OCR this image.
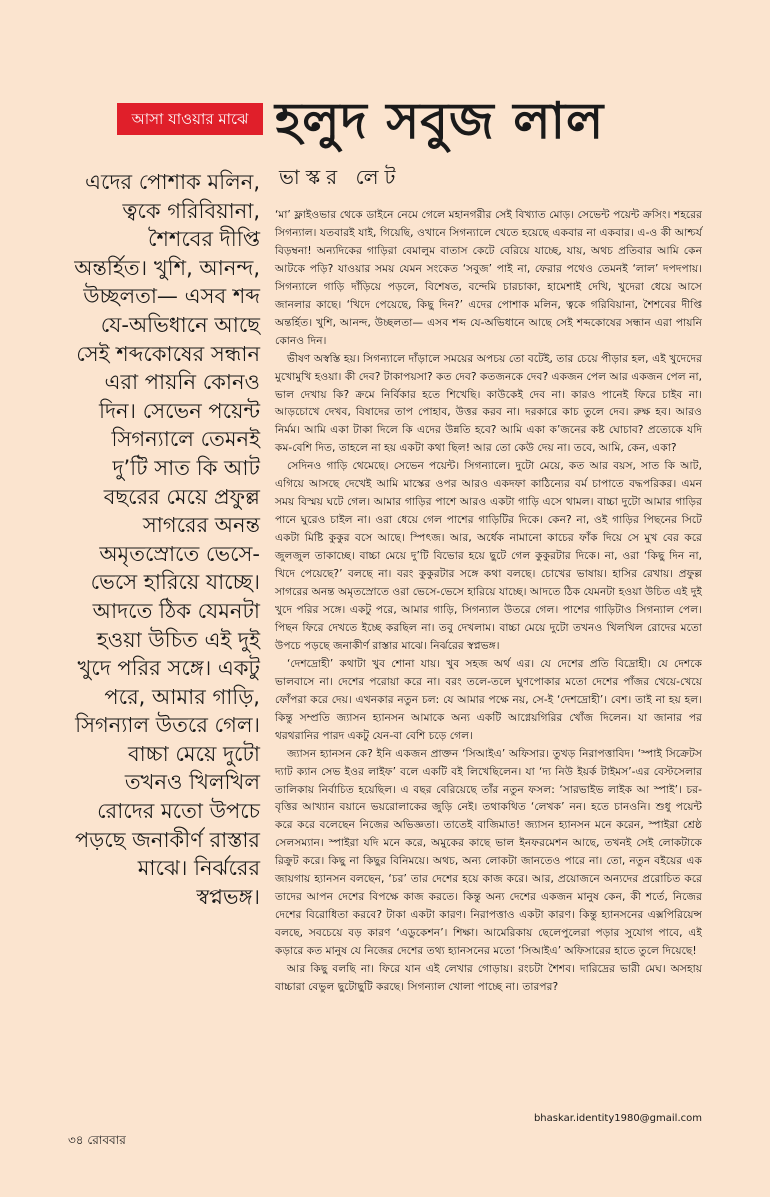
আসা যাওয়ার মাঝে হলুদ সবুজ লাল
ভাস্কর লেট
এদের পোশাক মলিন, ত্বকে গরিবিয়ানা, শৈশবের দীপ্তি অন্তর্হিত। খুশি, আনন্দ, উচ্ছলতা— এসব শব্দ যে-অভিধানে আছে সেই শব্দকোষের সন্ধান এরা পায়নি কোনও দিন। সেভেন পয়েন্ট সিগন্যালে তেমনই দু’টি সাত কি আট বছরের মেয়ে প্রফুল্ল সাগরের অনন্ত অমৃতস্রোতে ভেসে-ভেসে হারিয়ে যাচ্ছে। আদতে ঠিক যেমনটা হওয়া উচিত এই দুই খুদে পরির সঙ্গে। একটু পরে, আমার গাড়ি, সিগন্যাল উতরে গেল। বাচ্চা মেয়ে দুটো তখনও খিলখিল রোদের মতো উপচে পড়ছে জনাকীর্ণ রাস্তার মাঝে। নির্ঝরের স্বপ্নভঙ্গ।

‘মা’ ফ্লাইওভার থেকে ডাইনে নেমে গেলে মহানগরীর সেই বিখ্যাত মোড়। সেভেন্ট পয়েন্ট ক্রসিং। শহরের সিগন্যাল। যতবারই যাই, গিয়েছি, ওখানে সিগন্যালে খেতে হয়েছে একবার না একবার। এ-ও কী আশ্চর্য বিড়ম্বনা! অন্যদিকের গাড়িরা বেমালুম বাতাস কেটে বেরিয়ে যাচ্ছে, যায়, অথচ প্রতিবার আমি কেন আটকে পড়ি? যাওয়ার সময় যেমন সংকেত ‘সবুজ’ পাই না, ফেরার পথেও তেমনই ‘লাল’ দপদপায়। সিগন্যালে গাড়ি দাঁড়িয়ে পড়লে, বিশেষত, বন্দেমি চারচাকা, হামেশাই দেখি, খুদেরা ধেয়ে আসে জানলার কাছে। ‘খিদে পেয়েছে, কিছু দিন?’ এদের পোশাক মলিন, ত্বকে গরিবিয়ানা, শৈশবের দীপ্তি অন্তর্হিত। খুশি, আনন্দ, উচ্ছলতা— এসব শব্দ যে-অভিধানে আছে সেই শব্দকোষের সন্ধান এরা পায়নি কোনও দিন।

ভীষণ অস্বস্তি হয়। সিগন্যালে দাঁড়ালে সময়ের অপচয় তো বটেই, তার চেয়ে পীড়ার হল, এই খুদেদের মুখোমুখি হওয়া। কী দেব? টাকাপয়সা? কত দেব? কতজনকে দেব? একজন পেল আর একজন পেল না, ভাল দেখায় কি? ক্রমে নির্বিকার হতে শিখেছি। কাউকেই দেব না। কারও পানেই ফিরে চাইব না। আড়চোখে দেখব, বিষাদের তাপ পোহাব, উত্তর করব না। দরকারে কাচ তুলে দেব। রুক্ষ হব। আরও নির্মম। আমি একা টাকা দিলে কি এদের উন্নতি হবে? আমি একা ক’জনের কষ্ট ঘোচাব? প্রত্যেকে যদি কম-বেশি দিত, তাহলে না হয় একটা কথা ছিল! আর তো কেউ দেয় না। তবে, আমি, কেন, একা?

সেদিনও গাড়ি থেমেছে। সেভেন পয়েন্ট। সিগন্যালে। দুটো মেয়ে, কত আর বয়স, সাত কি আট, এগিয়ে আসছে দেখেই আমি মাস্কের ওপর আরও একদফা কাঠিন্যের বর্ম চাপাতে বদ্ধপরিকর। এমন সময় বিস্ময় ঘটে গেল। আমার গাড়ির পাশে আরও একটা গাড়ি এসে থামল। বাচ্চা দুটো আমার গাড়ির পানে ঘুরেও চাইল না। ওরা ধেয়ে গেল পাশের গাড়িটির দিকে। কেন? না, ওই গাড়ির পিছনের সিটে একটা মিষ্টি কুকুর বসে আছে। স্পিৎজ। আর, অর্ধেক নামানো কাচের ফাঁক দিয়ে সে মুখ বের করে জুলজুল তাকাচ্ছে। বাচ্চা মেয়ে দু’টি বিভোর হয়ে ছুটে গেল কুকুরটার দিকে। না, ওরা ‘কিছু দিন না, খিদে পেয়েছে?’ বলছে না। বরং কুকুরটার সঙ্গে কথা বলছে। চোখের ভাষায়। হাসির রেখায়। প্রফুল্ল সাগরের অনন্ত অমৃতস্রোতে ওরা ভেসে-ভেসে হারিয়ে যাচ্ছে। আদতে ঠিক যেমনটা হওয়া উচিত এই দুই খুদে পরির সঙ্গে। একটু পরে, আমার গাড়ি, সিগন্যাল উতরে গেল। পাশের গাড়িটাও সিগন্যাল পেল। পিছন ফিরে দেখতে ইচ্ছে করছিল না। তবু দেখলাম। বাচ্চা মেয়ে দুটো তখনও খিলখিল রোদের মতো উপচে পড়ছে জনাকীর্ণ রাস্তার মাঝে। নির্ঝরের স্বপ্নভঙ্গ।

‘দেশদ্রোহী’ কথাটা খুব শোনা যায়। খুব সহজ অর্থ এর। যে দেশের প্রতি বিদ্রোহী। যে দেশকে ভালবাসে না। দেশের পরোয়া করে না। বরং তলে-তলে ঘুণপোকার মতো দেশের পাঁজর খেয়ে-খেয়ে ফোঁপরা করে দেয়। এখনকার নতুন চল: যে আমার পক্ষে নয়, সে-ই ‘দেশদ্রোহী’। বেশ। তাই না হয় হল। কিন্তু সম্প্রতি জ্যাসন হ্যানসন আমাকে অন্য একটি আগ্নেয়গিরির খোঁজ দিলেন। যা জানার পর থরথরানির পারদ একটু যেন-বা বেশি চড়ে গেল।

জ্যাসন হ্যানসন কে? ইনি একজন প্রাক্তন ‘সিআইএ’ অফিসার। তুখড় নিরাপত্তাবিদ। ‘স্পাই সিক্রেটস দ্যাট ক্যান সেভ ইওর লাইফ’ বলে একটি বই লিখেছিলেন। যা ‘দ্য নিউ ইয়র্ক টাইমস’-এর বেস্টসেলার তালিকায় নির্বাচিত হয়েছিল। এ বছর বেরিয়েছে তাঁর নতুন ফসল: ‘সারভাইভ লাইক আ স্পাই’। চর-বৃত্তির আখ্যান বয়ানে ভয়রোলাকের জুড়ি নেই। তথাকথিত ‘লেখক’ নন। হতে চানওনি। শুধু পয়েন্ট করে করে বলেছেন নিজের অভিজ্ঞতা। তাতেই বাজিমাত! জ্যাসন হ্যানসন মনে করেন, স্পাইরা শ্রেষ্ঠ সেলসম্যান। স্পাইরা যদি মনে করে, অমুকের কাছে ভাল ইনফরমেশন আছে, তখনই সেই লোকটাকে রিক্রুট করে। কিছু না কিছুর বিনিময়ে। অথচ, অন্য লোকটা জানতেও পারে না। তো, নতুন বইয়ের এক জায়গায় হ্যানসন বলছেন, ‘চর’ তার দেশের হয়ে কাজ করে। আর, প্রয়োজনে অন্যদের প্ররোচিত করে তাদের আপন দেশের বিপক্ষে কাজ করতে। কিন্তু অন্য দেশের একজন মানুষ কেন, কী শর্তে, নিজের দেশের বিরোধিতা করবে? টাকা একটা কারণ। নিরাপত্তাও একটা কারণ। কিন্তু হ্যানসনের এক্সপিরিয়েন্স বলছে, সবচেয়ে বড় কারণ ‘এডুকেশন’। শিক্ষা। আমেরিকায় ছেলেপুলেরা পড়ার সুযোগ পাবে, এই কড়ারে কত মানুষ যে নিজের দেশের তথ্য হ্যানসনের মতো ‘সিআইএ’ অফিসারের হাতে তুলে দিয়েছে!

আর কিছু বলছি না। ফিরে যান এই লেখার গোড়ায়। রংচটা শৈশব। দারিদ্রের ভারী মেঘ। অসহায় বাচ্চারা বেভুল ছুটোছুটি করছে। সিগন্যাল খোলা পাচ্ছে না। তারপর?

bhaskar.identity1980@gmail.com
৩৪ রোববার
